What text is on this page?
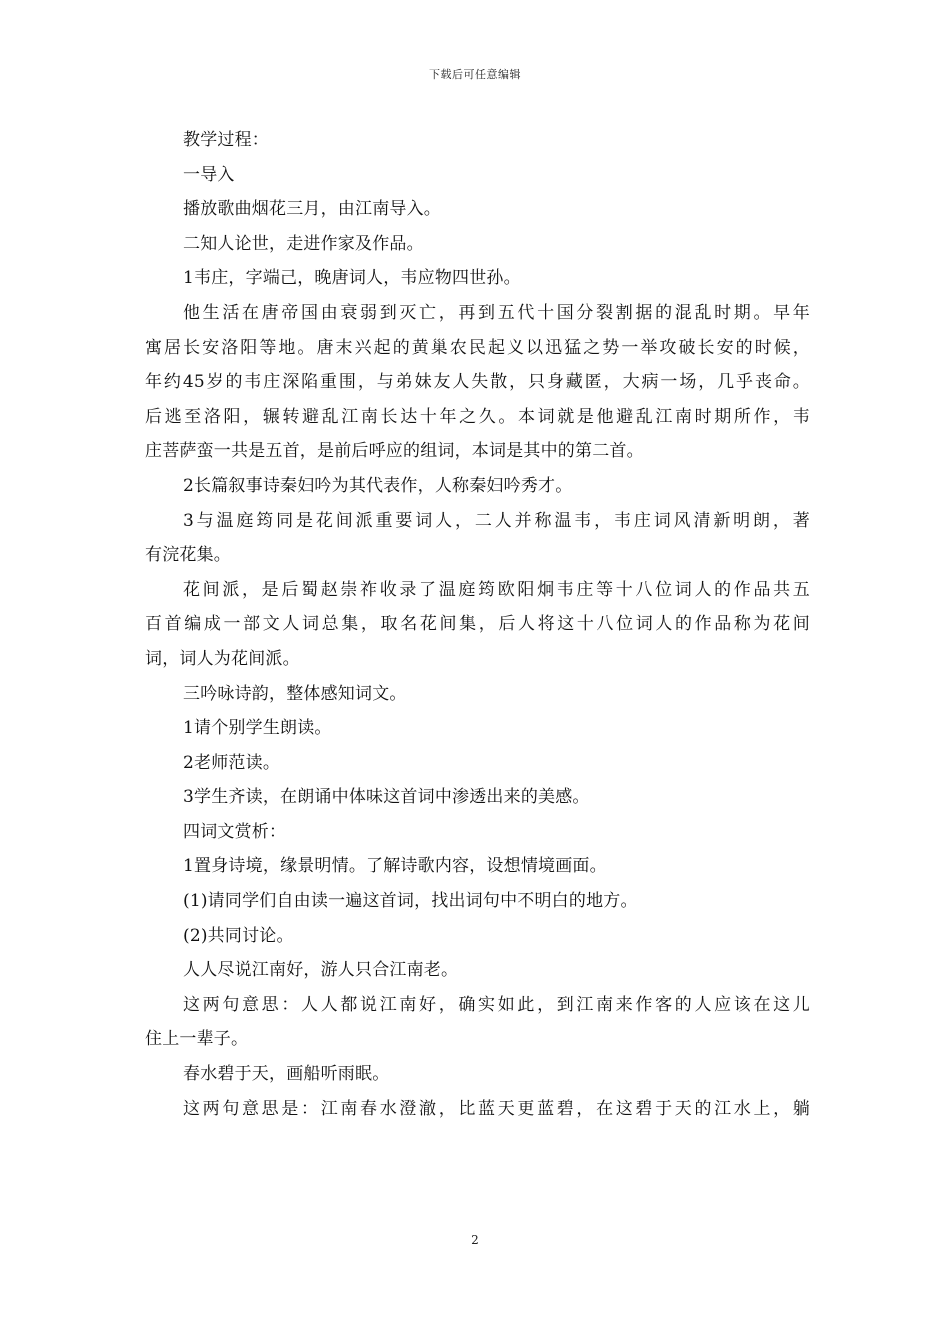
下载后可任意编辑
教学过程：
一导入
播放歌曲烟花三月，由江南导入。
二知人论世，走进作家及作品。
1韦庄，字端己，晚唐词人，韦应物四世孙。
他生活在唐帝国由衰弱到灭亡，再到五代十国分裂割据的混乱时期。早年
寓居长安洛阳等地。唐末兴起的黄巢农民起义以迅猛之势一举攻破长安的时候，
年约45岁的韦庄深陷重围，与弟妹友人失散，只身藏匿，大病一场，几乎丧命。
后逃至洛阳，辗转避乱江南长达十年之久。本词就是他避乱江南时期所作，韦
庄菩萨蛮一共是五首，是前后呼应的组词，本词是其中的第二首。
2长篇叙事诗秦妇吟为其代表作，人称秦妇吟秀才。
3与温庭筠同是花间派重要词人，二人并称温韦，韦庄词风清新明朗，著
有浣花集。
花间派，是后蜀赵崇祚收录了温庭筠欧阳炯韦庄等十八位词人的作品共五
百首编成一部文人词总集，取名花间集，后人将这十八位词人的作品称为花间
词，词人为花间派。
三吟咏诗韵，整体感知词文。
1请个别学生朗读。
2老师范读。
3学生齐读，在朗诵中体味这首词中渗透出来的美感。
四词文赏析：
1置身诗境，缘景明情。了解诗歌内容，设想情境画面。
(1)请同学们自由读一遍这首词，找出词句中不明白的地方。
(2)共同讨论。
人人尽说江南好，游人只合江南老。
这两句意思：人人都说江南好，确实如此，到江南来作客的人应该在这儿
住上一辈子。
春水碧于天，画船听雨眠。
这两句意思是：江南春水澄澈，比蓝天更蓝碧，在这碧于天的江水上，躺
2
